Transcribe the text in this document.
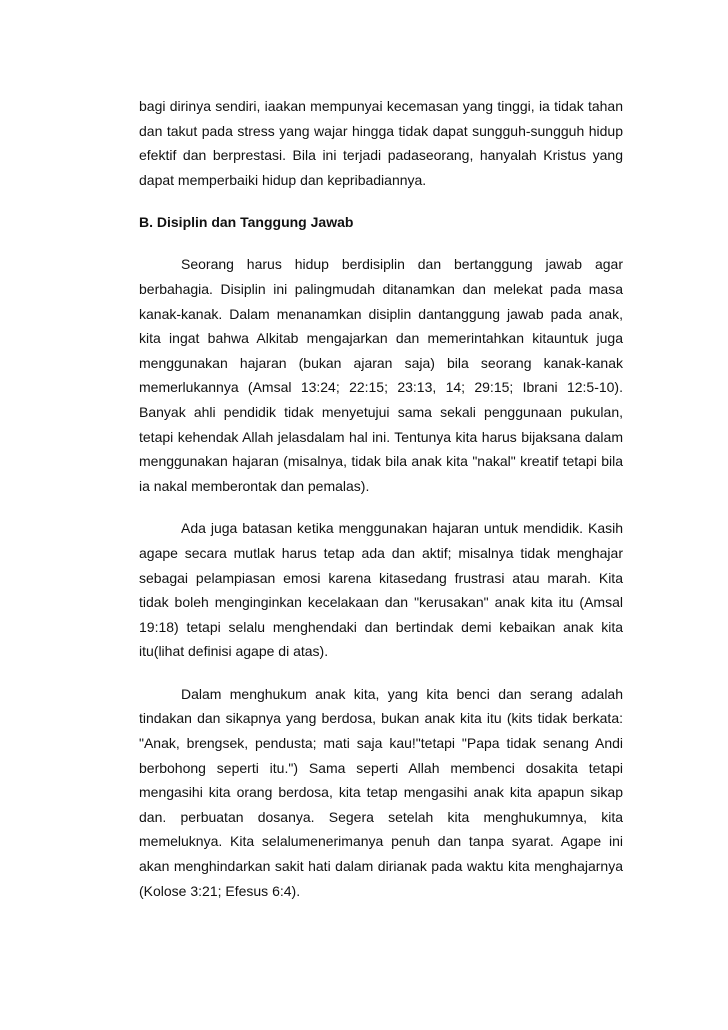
bagi dirinya sendiri, iaakan mempunyai kecemasan yang tinggi, ia tidak tahan dan takut pada stress yang wajar hingga tidak dapat sungguh-sungguh hidup efektif dan berprestasi. Bila ini terjadi padaseorang, hanyalah Kristus yang dapat memperbaiki hidup dan kepribadiannya.

B. Disiplin dan Tanggung Jawab

Seorang harus hidup berdisiplin dan bertanggung jawab agar berbahagia. Disiplin ini palingmudah ditanamkan dan melekat pada masa kanak-kanak. Dalam menanamkan disiplin dantanggung jawab pada anak, kita ingat bahwa Alkitab mengajarkan dan memerintahkan kitauntuk juga menggunakan hajaran (bukan ajaran saja) bila seorang kanak-kanak memerlukannya (Amsal 13:24; 22:15; 23:13, 14; 29:15; Ibrani 12:5-10). Banyak ahli pendidik tidak menyetujui sama sekali penggunaan pukulan, tetapi kehendak Allah jelasdalam hal ini. Tentunya kita harus bijaksana dalam menggunakan hajaran (misalnya, tidak bila anak kita "nakal" kreatif tetapi bila ia nakal memberontak dan pemalas).

Ada juga batasan ketika menggunakan hajaran untuk mendidik. Kasih agape secara mutlak harus tetap ada dan aktif; misalnya tidak menghajar sebagai pelampiasan emosi karena kitasedang frustrasi atau marah. Kita tidak boleh menginginkan kecelakaan dan "kerusakan" anak kita itu (Amsal 19:18) tetapi selalu menghendaki dan bertindak demi kebaikan anak kita itu(lihat definisi agape di atas).

Dalam menghukum anak kita, yang kita benci dan serang adalah tindakan dan sikapnya yang berdosa, bukan anak kita itu (kits tidak berkata: "Anak, brengsek, pendusta; mati saja kau!"tetapi "Papa tidak senang Andi berbohong seperti itu.") Sama seperti Allah membenci dosakita tetapi mengasihi kita orang berdosa, kita tetap mengasihi anak kita apapun sikap dan. perbuatan dosanya. Segera setelah kita menghukumnya, kita memeluknya. Kita selalumenerimanya penuh dan tanpa syarat. Agape ini akan menghindarkan sakit hati dalam dirianak pada waktu kita menghajarnya (Kolose 3:21; Efesus 6:4).
